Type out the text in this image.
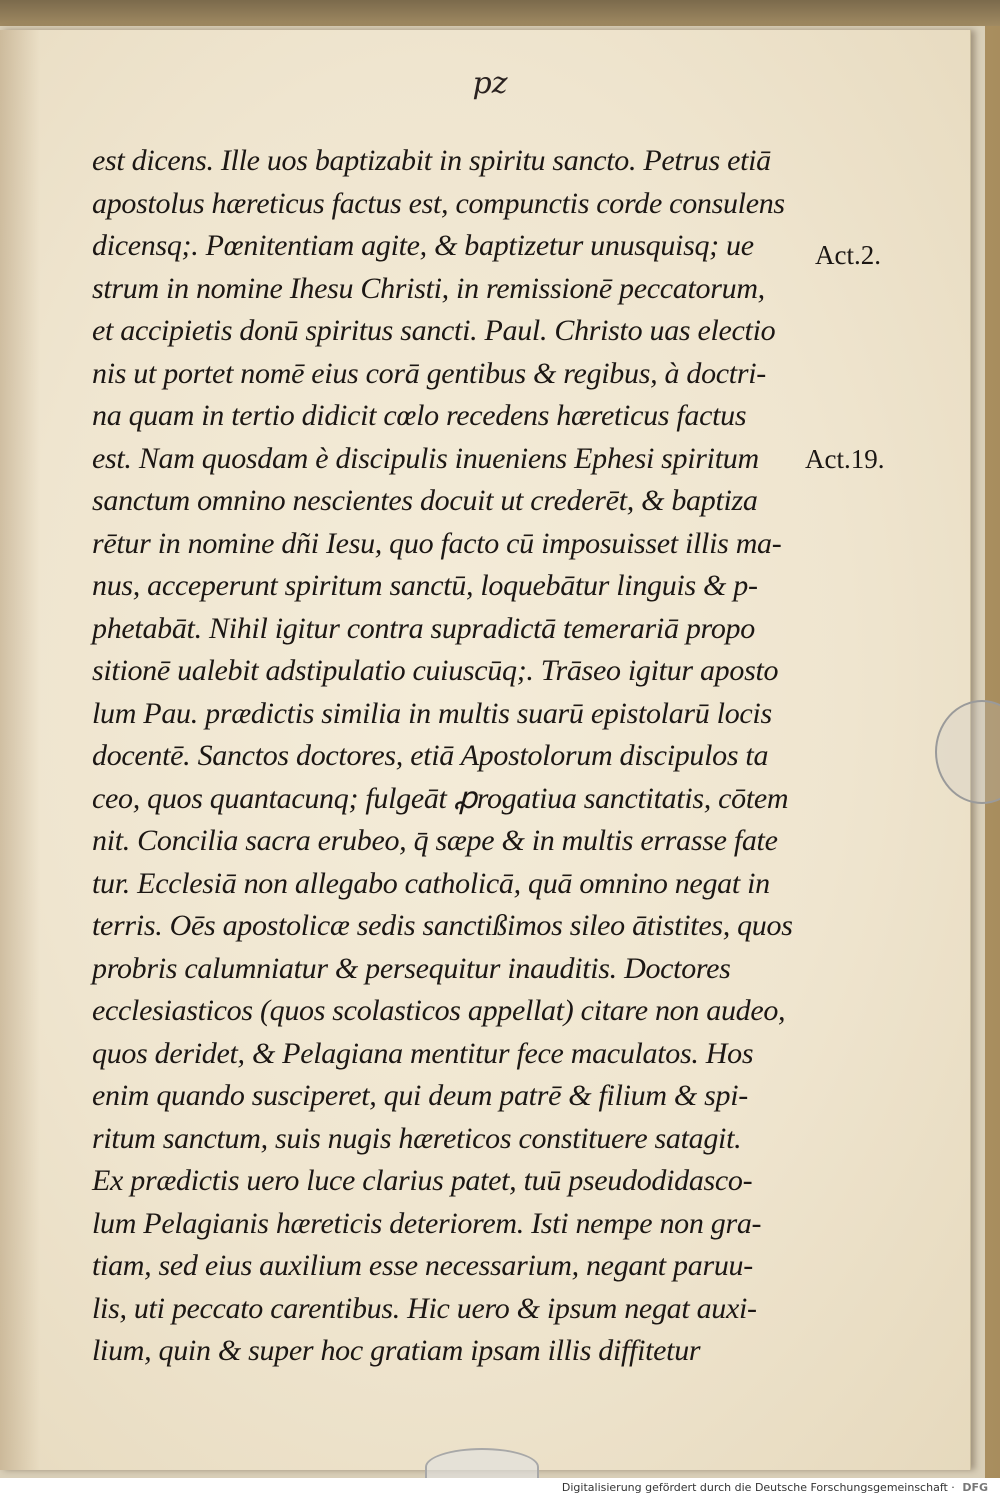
pz
est dicens. Ille uos baptizabit in spiritu sancto. Petrus etiā
apostolus hæreticus factus est, compunctis corde consulens
dicensq;. Pœnitentiam agite, & baptizetur unusquisq; ue
strum in nomine Ihesu Christi, in remissionē peccatorum,
et accipietis donū spiritus sancti. Paul. Christo uas electio
nis ut portet nomē eius corā gentibus & regibus, à doctri-
na quam in tertio didicit cœlo recedens hæreticus factus
est. Nam quosdam è discipulis inueniens Ephesi spiritum
sanctum omnino nescientes docuit ut crederēt, & baptiza
rētur in nomine dñi Iesu, quo facto cū imposuisset illis ma-
nus, acceperunt spiritum sanctū, loquebātur linguis & p-
phetabāt. Nihil igitur contra supradictā temerariā propo
sitionē ualebit adstipulatio cuiuscūq;. Trāseo igitur aposto
lum Pau. prædictis similia in multis suarū epistolarū locis
docentē. Sanctos doctores, etiā Apostolorum discipulos ta
ceo, quos quantacunq; fulgeāt ꝓrogatiua sanctitatis, cōtem
nit. Concilia sacra erubeo, q̄ sæpe & in multis errasse fate
tur. Ecclesiā non allegabo catholicā, quā omnino negat in
terris. Oēs apostolicæ sedis sanctißimos sileo ātistites, quos
probris calumniatur & persequitur inauditis. Doctores
ecclesiasticos (quos scolasticos appellat) citare non audeo,
quos deridet, & Pelagiana mentitur fece maculatos. Hos
enim quando susciperet, qui deum patrē & filium & spi-
ritum sanctum, suis nugis hæreticos constituere satagit.
Ex prædictis uero luce clarius patet, tuū pseudodidasco-
lum Pelagianis hæreticis deteriorem. Isti nempe non gra-
tiam, sed eius auxilium esse necessarium, negant paruu-
lis, uti peccato carentibus. Hic uero & ipsum negat auxi-
lium, quin & super hoc gratiam ipsam illis diffitetur
Act.2.
Act.19.
Digitalisierung gefördert durch die Deutsche Forschungsgemeinschaft · DFG
